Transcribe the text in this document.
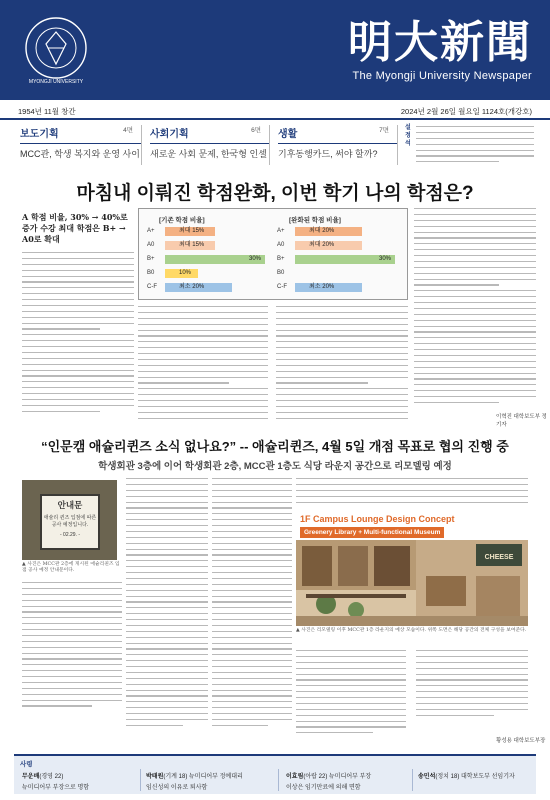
MYONGJI UNIVERSITY
明大新聞
The Myongji University Newspaper
1954년 11월 창간	2024년 2월 26일 월요일 1124호(개강호)
보도기획	4면
MCC관, 학생 복지와 운영 사이
사회기획	6면
새로운 사회 문제, 한국형 인셀
생활	7면
기후동행카드, 써야 할까?
설정석
마침내 이뤄진 학점완화, 이번 학기 나의 학점은?
A 학점 비율, 30% → 40%로 증가 수강 최대 학점은 B+ → A0로 확대
[기존 학점 비율]	[완화된 학점 비율]
A+	최대 15%
A0	최대 15%
B+	30%
B0	10%
C-F	최소 20%
A+	최대 20%
A0	최대 20%
B+	30%
B0
C-F	최소 20%
이혁진 대학보도부 정기자
“인문캠 애슐리퀸즈 소식 없나요?” -- 애슐리퀸즈, 4월 5일 개점 목표로 협의 진행 중
학생회관 3층에 이어 학생회관 2층, MCC관 1층도 식당 라운지 공간으로 리모델링 예정
안내문
애슐리 퀸즈 입점에 따른 공사 예정입니다.
- 02.29. -
▲ 사진은 MCC관 2층에 게시된 애슐리퀸즈 입점 공사 예정 안내문이다.
1F Campus Lounge Design Concept
Greenery Library + Multi-functional Museum
CHEESE
▲ 사진은 리모델링 이후 MCC관 1층 라운지의 예상 모습이다. 위쪽 도면은 해당 공간의 전체 구성을 보여준다.
황성용 대학보도부장
사령
무운배(경영 22)
뉴미디어부 부장으로 명함
박태원(기계 18) 뉴미디어부 정예대리
임신성의 이유로 퇴사함
이효림(아랍 22) 뉴미디어부 부장
이상은 임기만료에 의해 면함
송민석(정치 18) 대학보도부 선임기자
